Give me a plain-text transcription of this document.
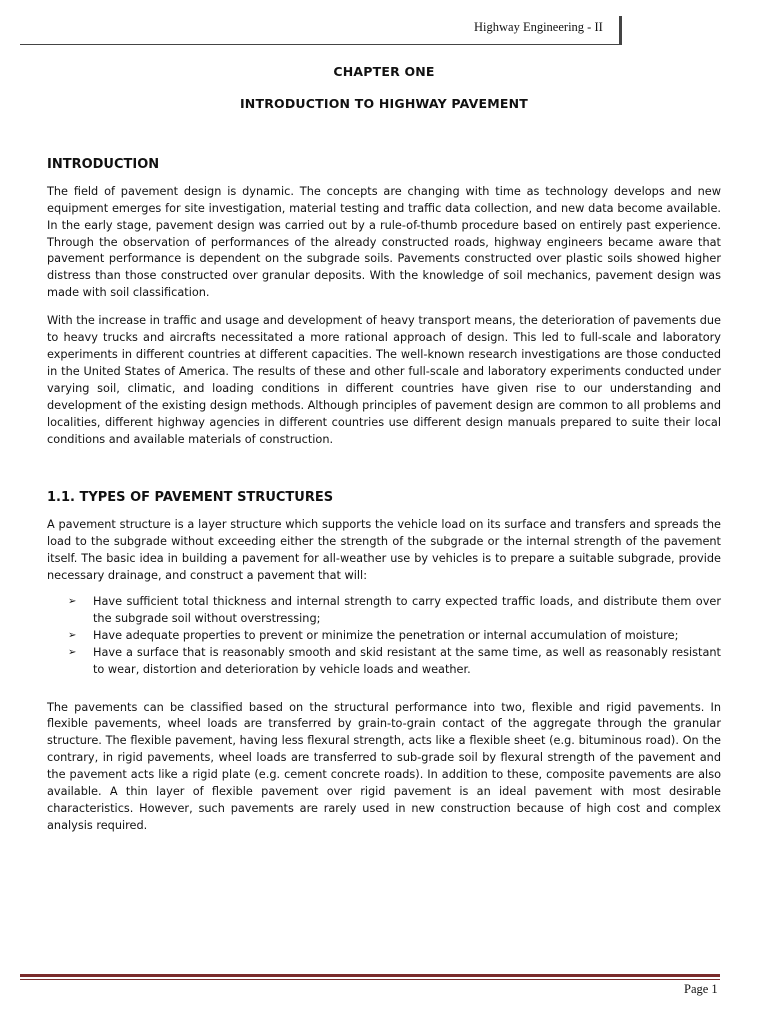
Highway Engineering - II

CHAPTER ONE

INTRODUCTION TO HIGHWAY PAVEMENT

INTRODUCTION

The field of pavement design is dynamic. The concepts are changing with time as technology develops and new equipment emerges for site investigation, material testing and traffic data collection, and new data become available. In the early stage, pavement design was carried out by a rule-of-thumb procedure based on entirely past experience. Through the observation of performances of the already constructed roads, highway engineers became aware that pavement performance is dependent on the subgrade soils. Pavements constructed over plastic soils showed higher distress than those constructed over granular deposits. With the knowledge of soil mechanics, pavement design was made with soil classification.

With the increase in traffic and usage and development of heavy transport means, the deterioration of pavements due to heavy trucks and aircrafts necessitated a more rational approach of design. This led to full-scale and laboratory experiments in different countries at different capacities. The well-known research investigations are those conducted in the United States of America. The results of these and other full-scale and laboratory experiments conducted under varying soil, climatic, and loading conditions in different countries have given rise to our understanding and development of the existing design methods. Although principles of pavement design are common to all problems and localities, different highway agencies in different countries use different design manuals prepared to suite their local conditions and available materials of construction.

1.1. TYPES OF PAVEMENT STRUCTURES

A pavement structure is a layer structure which supports the vehicle load on its surface and transfers and spreads the load to the subgrade without exceeding either the strength of the subgrade or the internal strength of the pavement itself. The basic idea in building a pavement for all-weather use by vehicles is to prepare a suitable subgrade, provide necessary drainage, and construct a pavement that will:

➢ Have sufficient total thickness and internal strength to carry expected traffic loads, and distribute them over the subgrade soil without overstressing;
➢ Have adequate properties to prevent or minimize the penetration or internal accumulation of moisture;
➢ Have a surface that is reasonably smooth and skid resistant at the same time, as well as reasonably resistant to wear, distortion and deterioration by vehicle loads and weather.

The pavements can be classified based on the structural performance into two, flexible and rigid pavements. In flexible pavements, wheel loads are transferred by grain-to-grain contact of the aggregate through the granular structure. The flexible pavement, having less flexural strength, acts like a flexible sheet (e.g. bituminous road). On the contrary, in rigid pavements, wheel loads are transferred to sub-grade soil by flexural strength of the pavement and the pavement acts like a rigid plate (e.g. cement concrete roads). In addition to these, composite pavements are also available. A thin layer of flexible pavement over rigid pavement is an ideal pavement with most desirable characteristics. However, such pavements are rarely used in new construction because of high cost and complex analysis required.

Page 1
